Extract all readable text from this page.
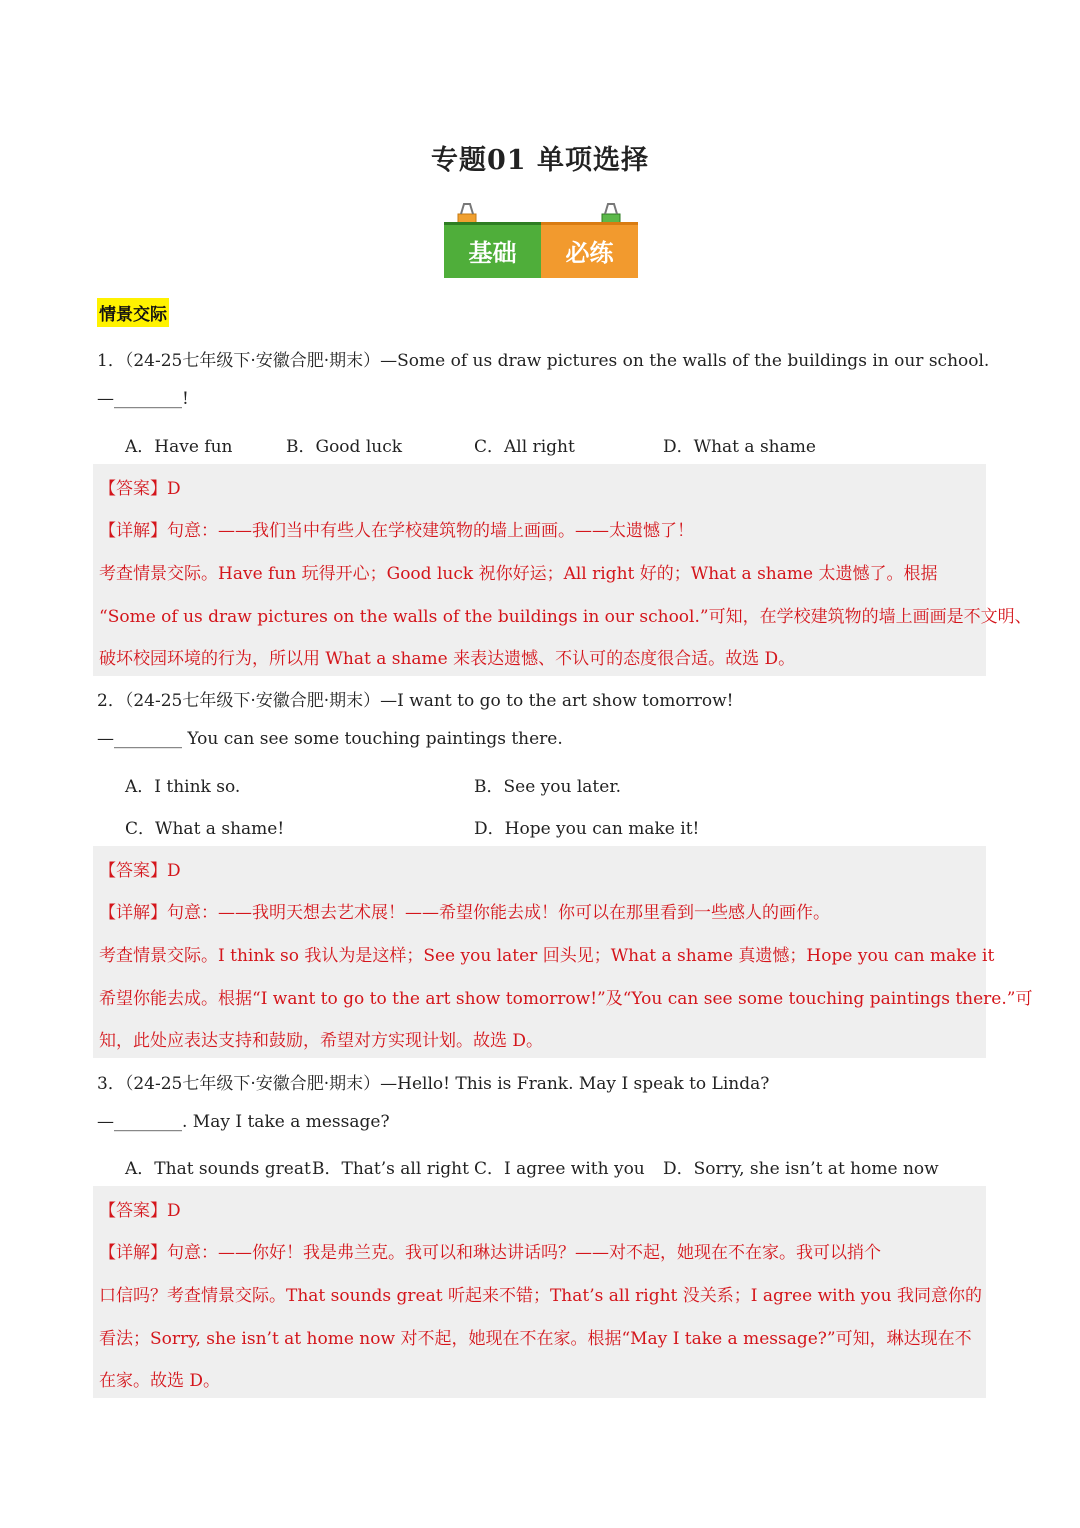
专题01 单项选择
基础	必练
情景交际
1．（24-25七年级下·安徽合肥·期末）—Some of us draw pictures on the walls of the buildings in our school.
—________!
A．Have fun	B．Good luck	C．All right	D．What a shame
【答案】D
【详解】句意：——我们当中有些人在学校建筑物的墙上画画。——太遗憾了！
考查情景交际。Have fun 玩得开心；Good luck 祝你好运；All right 好的；What a shame 太遗憾了。根据
“Some of us draw pictures on the walls of the buildings in our school.”可知，在学校建筑物的墙上画画是不文明、
破坏校园环境的行为，所以用 What a shame 来表达遗憾、不认可的态度很合适。故选 D。
2．（24-25七年级下·安徽合肥·期末）—I want to go to the art show tomorrow!
—________ You can see some touching paintings there.
A．I think so.	B．See you later.
C．What a shame!	D．Hope you can make it!
【答案】D
【详解】句意：——我明天想去艺术展！——希望你能去成！你可以在那里看到一些感人的画作。
考查情景交际。I think so 我认为是这样；See you later 回头见；What a shame 真遗憾；Hope you can make it
希望你能去成。根据“I want to go to the art show tomorrow!”及“You can see some touching paintings there.”可
知，此处应表达支持和鼓励，希望对方实现计划。故选 D。
3．（24-25七年级下·安徽合肥·期末）—Hello! This is Frank. May I speak to Linda?
—________. May I take a message?
A．That sounds great B．That’s all right C．I agree with you D．Sorry, she isn’t at home now
【答案】D
【详解】句意：——你好！我是弗兰克。我可以和琳达讲话吗？——对不起，她现在不在家。我可以捎个
口信吗？考查情景交际。That sounds great 听起来不错；That’s all right 没关系；I agree with you 我同意你的
看法；Sorry, she isn’t at home now 对不起，她现在不在家。根据“May I take a message?”可知，琳达现在不
在家。故选 D。
